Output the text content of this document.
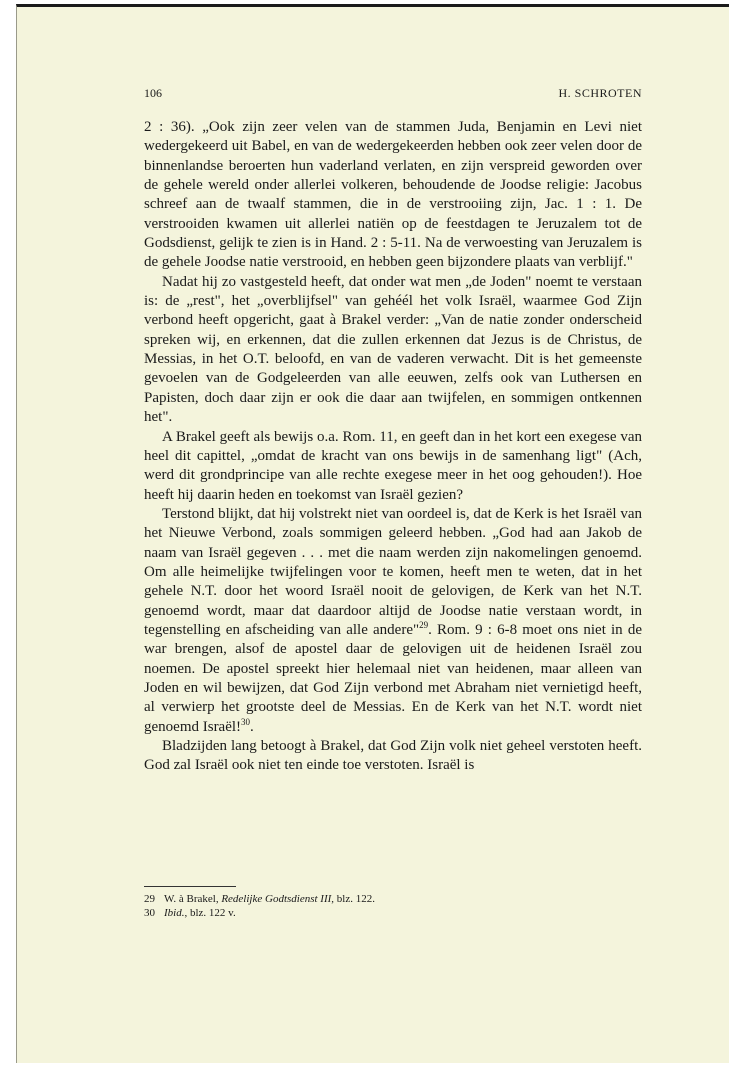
106	H. SCHROTEN

2 : 36). „Ook zijn zeer velen van de stammen Juda, Benjamin en Levi niet wedergekeerd uit Babel, en van de wedergekeerden hebben ook zeer velen door de binnenlandse beroerten hun vaderland verlaten, en zijn verspreid geworden over de gehele wereld onder allerlei volkeren, behoudende de Joodse religie: Jacobus schreef aan de twaalf stammen, die in de verstrooiing zijn, Jac. 1 : 1. De verstrooiden kwamen uit allerlei natiën op de feestdagen te Jeruzalem tot de Godsdienst, gelijk te zien is in Hand. 2 : 5-11. Na de verwoesting van Jeruzalem is de gehele Joodse natie verstrooid, en hebben geen bijzondere plaats van verblijf."

Nadat hij zo vastgesteld heeft, dat onder wat men „de Joden" noemt te verstaan is: de „rest", het „overblijfsel" van gehéél het volk Israël, waarmee God Zijn verbond heeft opgericht, gaat à Brakel verder: „Van de natie zonder onderscheid spreken wij, en erkennen, dat die zullen erkennen dat Jezus is de Christus, de Messias, in het O.T. beloofd, en van de vaderen verwacht. Dit is het gemeenste gevoelen van de Godgeleerden van alle eeuwen, zelfs ook van Luthersen en Papisten, doch daar zijn er ook die daar aan twijfelen, en sommigen ontkennen het".

A Brakel geeft als bewijs o.a. Rom. 11, en geeft dan in het kort een exegese van heel dit capittel, „omdat de kracht van ons bewijs in de samenhang ligt" (Ach, werd dit grondprincipe van alle rechte exegese meer in het oog gehouden!). Hoe heeft hij daarin heden en toekomst van Israël gezien?

Terstond blijkt, dat hij volstrekt niet van oordeel is, dat de Kerk is het Israël van het Nieuwe Verbond, zoals sommigen geleerd hebben. „God had aan Jakob de naam van Israël gegeven . . . met die naam werden zijn nakomelingen genoemd. Om alle heimelijke twijfelingen voor te komen, heeft men te weten, dat in het gehele N.T. door het woord Israël nooit de gelovigen, de Kerk van het N.T. genoemd wordt, maar dat daardoor altijd de Joodse natie verstaan wordt, in tegenstelling en afscheiding van alle andere"$^{29}$. Rom. 9 : 6-8 moet ons niet in de war brengen, alsof de apostel daar de gelovigen uit de heidenen Israël zou noemen. De apostel spreekt hier helemaal niet van heidenen, maar alleen van Joden en wil bewijzen, dat God Zijn verbond met Abraham niet vernietigd heeft, al verwierp het grootste deel de Messias. En de Kerk van het N.T. wordt niet genoemd Israël!$^{30}$.

Bladzijden lang betoogt à Brakel, dat God Zijn volk niet geheel verstoten heeft. God zal Israël ook niet ten einde toe verstoten. Israël is

29 W. à Brakel, Redelijke Godtsdienst III, blz. 122.
30 Ibid., blz. 122 v.
